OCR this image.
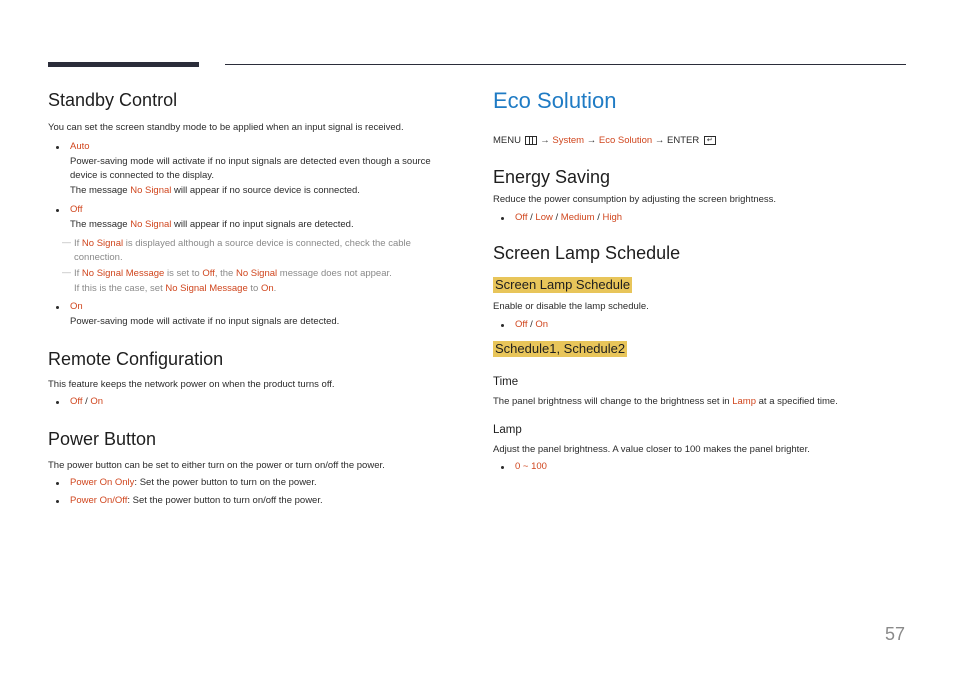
Standby Control

You can set the screen standby mode to be applied when an input signal is received.

Auto
Power-saving mode will activate if no input signals are detected even though a source device is connected to the display.
The message No Signal will appear if no source device is connected.
Off
The message No Signal will appear if no input signals are detected.
— If No Signal is displayed although a source device is connected, check the cable connection.
— If No Signal Message is set to Off, the No Signal message does not appear.
If this is the case, set No Signal Message to On.
On
Power-saving mode will activate if no input signals are detected.
Remote Configuration

This feature keeps the network power on when the product turns off.

Off / On
Power Button

The power button can be set to either turn on the power or turn on/off the power.

Power On Only: Set the power button to turn on the power.
Power On/Off: Set the power button to turn on/off the power.
Eco Solution

MENU  → System → Eco Solution → ENTER ↵

Energy Saving

Reduce the power consumption by adjusting the screen brightness.

Off / Low / Medium / High
Screen Lamp Schedule
Screen Lamp Schedule

Enable or disable the lamp schedule.

Off / On
Schedule1, Schedule2
Time

The panel brightness will change to the brightness set in Lamp at a specified time.

Lamp

Adjust the panel brightness. A value closer to 100 makes the panel brighter.

0 ~ 100
57
